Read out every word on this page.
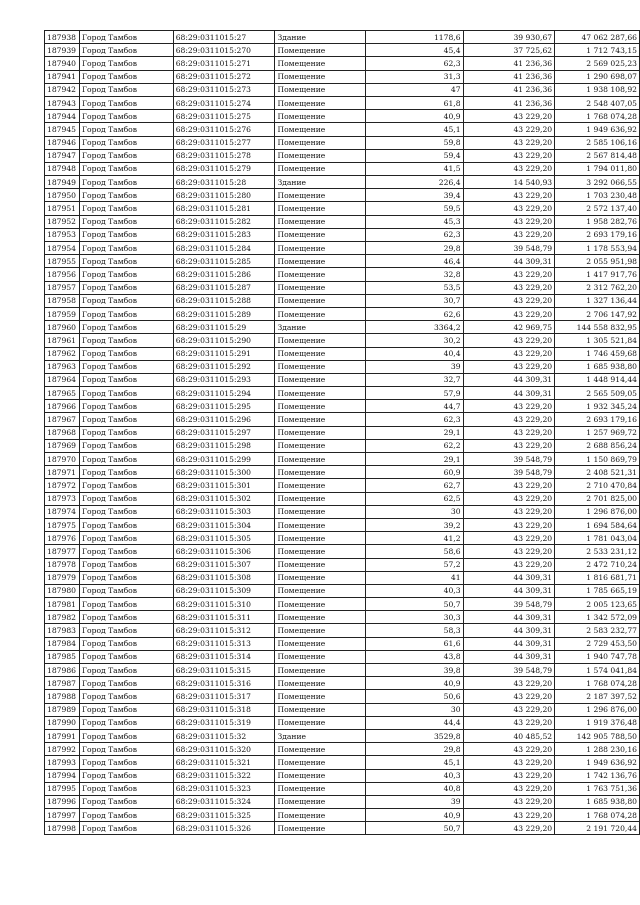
187938	Город Тамбов	68:29:0311015:27	Здание	1178,6	39 930,67	47 062 287,66
187939	Город Тамбов	68:29:0311015:270	Помещение	45,4	37 725,62	1 712 743,15
187940	Город Тамбов	68:29:0311015:271	Помещение	62,3	41 236,36	2 569 025,23
187941	Город Тамбов	68:29:0311015:272	Помещение	31,3	41 236,36	1 290 698,07
187942	Город Тамбов	68:29:0311015:273	Помещение	47	41 236,36	1 938 108,92
187943	Город Тамбов	68:29:0311015:274	Помещение	61,8	41 236,36	2 548 407,05
187944	Город Тамбов	68:29:0311015:275	Помещение	40,9	43 229,20	1 768 074,28
187945	Город Тамбов	68:29:0311015:276	Помещение	45,1	43 229,20	1 949 636,92
187946	Город Тамбов	68:29:0311015:277	Помещение	59,8	43 229,20	2 585 106,16
187947	Город Тамбов	68:29:0311015:278	Помещение	59,4	43 229,20	2 567 814,48
187948	Город Тамбов	68:29:0311015:279	Помещение	41,5	43 229,20	1 794 011,80
187949	Город Тамбов	68:29:0311015:28	Здание	226,4	14 540,93	3 292 066,55
187950	Город Тамбов	68:29:0311015:280	Помещение	39,4	43 229,20	1 703 230,48
187951	Город Тамбов	68:29:0311015:281	Помещение	59,5	43 229,20	2 572 137,40
187952	Город Тамбов	68:29:0311015:282	Помещение	45,3	43 229,20	1 958 282,76
187953	Город Тамбов	68:29:0311015:283	Помещение	62,3	43 229,20	2 693 179,16
187954	Город Тамбов	68:29:0311015:284	Помещение	29,8	39 548,79	1 178 553,94
187955	Город Тамбов	68:29:0311015:285	Помещение	46,4	44 309,31	2 055 951,98
187956	Город Тамбов	68:29:0311015:286	Помещение	32,8	43 229,20	1 417 917,76
187957	Город Тамбов	68:29:0311015:287	Помещение	53,5	43 229,20	2 312 762,20
187958	Город Тамбов	68:29:0311015:288	Помещение	30,7	43 229,20	1 327 136,44
187959	Город Тамбов	68:29:0311015:289	Помещение	62,6	43 229,20	2 706 147,92
187960	Город Тамбов	68:29:0311015:29	Здание	3364,2	42 969,75	144 558 832,95
187961	Город Тамбов	68:29:0311015:290	Помещение	30,2	43 229,20	1 305 521,84
187962	Город Тамбов	68:29:0311015:291	Помещение	40,4	43 229,20	1 746 459,68
187963	Город Тамбов	68:29:0311015:292	Помещение	39	43 229,20	1 685 938,80
187964	Город Тамбов	68:29:0311015:293	Помещение	32,7	44 309,31	1 448 914,44
187965	Город Тамбов	68:29:0311015:294	Помещение	57,9	44 309,31	2 565 509,05
187966	Город Тамбов	68:29:0311015:295	Помещение	44,7	43 229,20	1 932 345,24
187967	Город Тамбов	68:29:0311015:296	Помещение	62,3	43 229,20	2 693 179,16
187968	Город Тамбов	68:29:0311015:297	Помещение	29,1	43 229,20	1 257 969,72
187969	Город Тамбов	68:29:0311015:298	Помещение	62,2	43 229,20	2 688 856,24
187970	Город Тамбов	68:29:0311015:299	Помещение	29,1	39 548,79	1 150 869,79
187971	Город Тамбов	68:29:0311015:300	Помещение	60,9	39 548,79	2 408 521,31
187972	Город Тамбов	68:29:0311015:301	Помещение	62,7	43 229,20	2 710 470,84
187973	Город Тамбов	68:29:0311015:302	Помещение	62,5	43 229,20	2 701 825,00
187974	Город Тамбов	68:29:0311015:303	Помещение	30	43 229,20	1 296 876,00
187975	Город Тамбов	68:29:0311015:304	Помещение	39,2	43 229,20	1 694 584,64
187976	Город Тамбов	68:29:0311015:305	Помещение	41,2	43 229,20	1 781 043,04
187977	Город Тамбов	68:29:0311015:306	Помещение	58,6	43 229,20	2 533 231,12
187978	Город Тамбов	68:29:0311015:307	Помещение	57,2	43 229,20	2 472 710,24
187979	Город Тамбов	68:29:0311015:308	Помещение	41	44 309,31	1 816 681,71
187980	Город Тамбов	68:29:0311015:309	Помещение	40,3	44 309,31	1 785 665,19
187981	Город Тамбов	68:29:0311015:310	Помещение	50,7	39 548,79	2 005 123,65
187982	Город Тамбов	68:29:0311015:311	Помещение	30,3	44 309,31	1 342 572,09
187983	Город Тамбов	68:29:0311015:312	Помещение	58,3	44 309,31	2 583 232,77
187984	Город Тамбов	68:29:0311015:313	Помещение	61,6	44 309,31	2 729 453,50
187985	Город Тамбов	68:29:0311015:314	Помещение	43,8	44 309,31	1 940 747,78
187986	Город Тамбов	68:29:0311015:315	Помещение	39,8	39 548,79	1 574 041,84
187987	Город Тамбов	68:29:0311015:316	Помещение	40,9	43 229,20	1 768 074,28
187988	Город Тамбов	68:29:0311015:317	Помещение	50,6	43 229,20	2 187 397,52
187989	Город Тамбов	68:29:0311015:318	Помещение	30	43 229,20	1 296 876,00
187990	Город Тамбов	68:29:0311015:319	Помещение	44,4	43 229,20	1 919 376,48
187991	Город Тамбов	68:29:0311015:32	Здание	3529,8	40 485,52	142 905 788,50
187992	Город Тамбов	68:29:0311015:320	Помещение	29,8	43 229,20	1 288 230,16
187993	Город Тамбов	68:29:0311015:321	Помещение	45,1	43 229,20	1 949 636,92
187994	Город Тамбов	68:29:0311015:322	Помещение	40,3	43 229,20	1 742 136,76
187995	Город Тамбов	68:29:0311015:323	Помещение	40,8	43 229,20	1 763 751,36
187996	Город Тамбов	68:29:0311015:324	Помещение	39	43 229,20	1 685 938,80
187997	Город Тамбов	68:29:0311015:325	Помещение	40,9	43 229,20	1 768 074,28
187998	Город Тамбов	68:29:0311015:326	Помещение	50,7	43 229,20	2 191 720,44
